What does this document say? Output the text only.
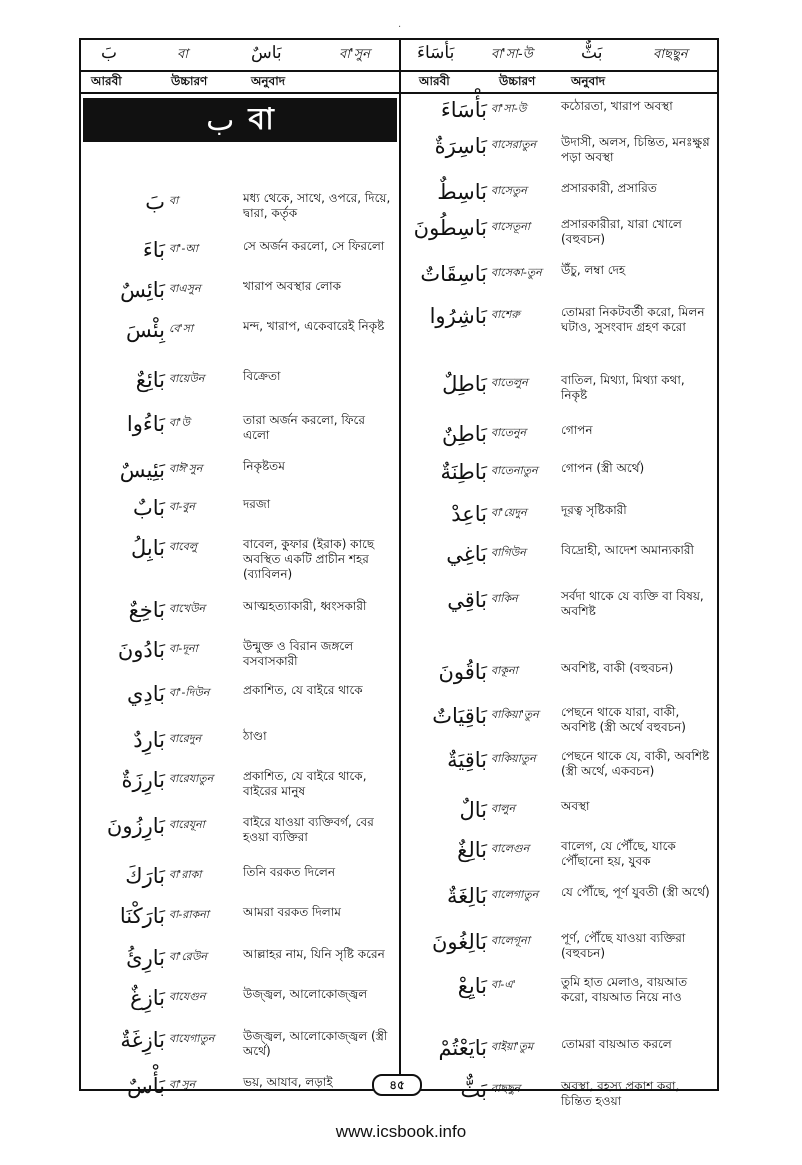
·
بَ	বা	بَاسٌ	বা'সুন	بَأسَاءَ	বা'সা-উ	بَثٌّ	বাছছুন
আরবী	উচ্চারণ	অনুবাদ	আরবী	উচ্চারণ	অনুবাদ
ب বা
بَ বা	মধ্য থেকে, সাথে, ওপরে, দিয়ে, দ্বারা, কর্তৃক
بَاءَ বা'-আ	সে অর্জন করলো, সে ফিরলো
بَائِسٌ বাএসুন	খারাপ অবস্থার লোক
بِئْسَ বে'সা	মন্দ, খারাপ, একেবারেই নিকৃষ্ট
بَائِعٌ বায়েউন	বিক্রেতা
بَاءُوا বা'উ	তারা অর্জন করলো, ফিরে এলো
بَئِيسٌ বাঈ'সুন	নিকৃষ্টতম
بَابٌ বা-বুন	দরজা
بَابِلُ বাবেলু	বাবেল, কুফার (ইরাক) কাছে অবস্থিত একটি প্রাচীন শহর (ব্যাবিলন)
بَاخِعٌ বাখেউন	আত্মহত্যাকারী, ধ্বংসকারী
بَادُونَ বা-দূনা	উন্মুক্ত ও বিরান জঙ্গলে বসবাসকারী
بَادِي বা'-দিউন	প্রকাশিত, যে বাইরে থাকে
بَارِدٌ বারেদুন	ঠাণ্ডা
بَارِزَةٌ বারেযাতুন	প্রকাশিত, যে বাইরে থাকে, বাইরের মানুষ
بَارِزُونَ বারেযূনা	বাইরে যাওয়া ব্যক্তিবর্গ, বের হওয়া ব্যক্তিরা
بَارَكَ বা'রাকা	তিনি বরকত দিলেন
بَارَكْنَا বা-রাকনা	আমরা বরকত দিলাম
بَارِئُ বা'রেউন	আল্লাহর নাম, যিনি সৃষ্টি করেন
بَازِغٌ বাযেগুন	উজ্জ্বল, আলোকোজ্জ্বল
بَازِغَةٌ বাযেগাতুন	উজ্জ্বল, আলোকোজ্জ্বল (স্ত্রী অর্থে)
بَأْسٌ বা'সুন	ভয়, আযাব, লড়াই
بَأْسَاءَ বা'সা-উ	কঠোরতা, খারাপ অবস্থা
بَاسِرَةٌ বাসেরাতুন	উদাসী, অলস, চিন্তিত, মনঃক্ষুণ্ণ পড়া অবস্থা
بَاسِطٌ বাসেতুন	প্রসারকারী, প্রসারিত
بَاسِطُونَ বাসেতূনা	প্রসারকারীরা, যারা খোলে (বহুবচন)
بَاسِقَاتٌ বাসেকা-তুন	উঁচু, লম্বা দেহ
بَاشِرُوا বাশেরু	তোমরা নিকটবর্তী করো, মিলন ঘটাও, সুসংবাদ গ্রহণ করো
بَاطِلٌ বাতেলুন	বাতিল, মিথ্যা, মিথ্যা কথা, নিকৃষ্ট
بَاطِنٌ বাতেনুন	গোপন
بَاطِنَةٌ বাতেনাতুন	গোপন (স্ত্রী অর্থে)
بَاعِدْ বা'য়েদুন	দূরত্ব সৃষ্টিকারী
بَاغِي বাগিউন	বিদ্রোহী, আদেশ অমান্যকারী
بَاقِي বাকিন	সর্বদা থাকে যে ব্যক্তি বা বিষয়, অবশিষ্ট
بَاقُونَ বাকূনা	অবশিষ্ট, বাকী (বহুবচন)
بَاقِيَاتٌ বাকিয়া'তুন	পেছনে থাকে যারা, বাকী, অবশিষ্ট (স্ত্রী অর্থে বহুবচন)
بَاقِيَةٌ বাকিয়াতুন	পেছনে থাকে যে, বাকী, অবশিষ্ট (স্ত্রী অর্থে, একবচন)
بَالٌ বালুন	অবস্থা
بَالِغٌ বালেগুন	বালেগ, যে পৌঁছে, যাকে পৌঁছানো হয়, যুবক
بَالِغَةٌ বালেগাতুন	যে পৌঁছে, পূর্ণ যুবতী (স্ত্রী অর্থে)
بَالِغُونَ বালেগূনা	পূর্ণ, পৌঁছে যাওয়া ব্যক্তিরা (বহুবচন)
بَايِعْ বা-এ'	তুমি হাত মেলাও, বায়আত করো, বায়আত নিয়ে নাও
بَايَعْتُمْ বাইয়া'তুম	তোমরা বায়আত করলে
بَثٌّ বাছছুন	অবস্থা, রহস্য প্রকাশ করা, চিন্তিত হওয়া
৪৫
www.icsbook.info
